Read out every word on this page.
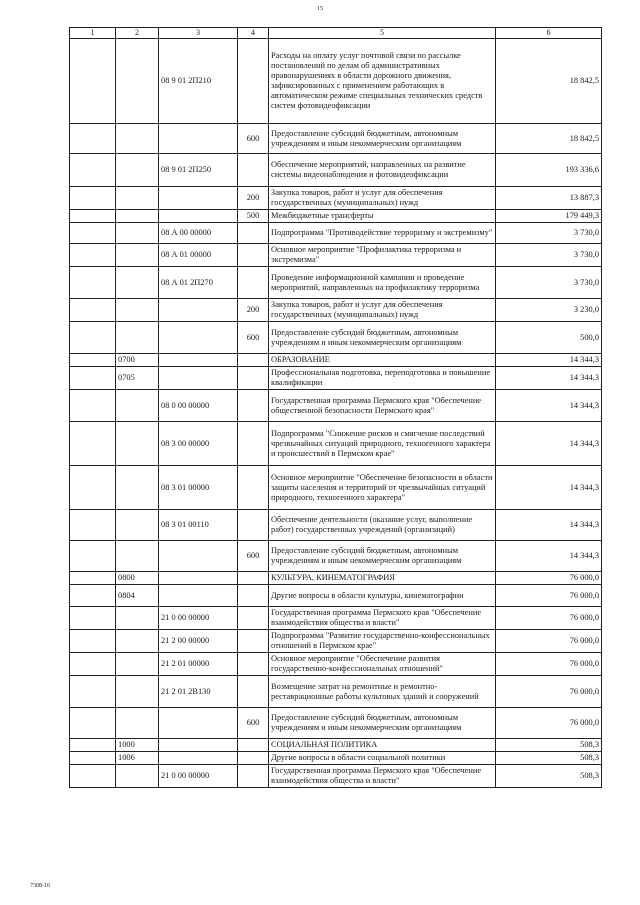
15
1	2	3	4	5	6
		08 9 01 2П210		Расходы на оплату услуг почтовой связи по рассылке постановлений по делам об административных правонарушениях в области дорожного движения, зафиксированных с применением работающих в автоматическом режиме специальных технических средств систем фотовидеофиксации	18 842,5
			600	Предоставление субсидий бюджетным, автономным учреждениям и иным некоммерческим организациям	18 842,5
		08 9 01 2П250		Обеспечение мероприятий, направленных на развитие системы видеонаблюдения и фотовидеофиксации	193 336,6
			200	Закупка товаров, работ и услуг для обеспечения государственных (муниципальных) нужд	13 887,3
			500	Межбюджетные трансферты	179 449,3
		08 А 00 00000		Подпрограмма "Противодействие терроризму и экстремизму"	3 730,0
		08 А 01 00000		Основное мероприятие "Профилактика терроризма и экстремизма"	3 730,0
		08 А 01 2П270		Проведение информационной кампании и проведение мероприятий, направленных на профилактику терроризма	3 730,0
			200	Закупка товаров, работ и услуг для обеспечения государственных (муниципальных) нужд	3 230,0
			600	Предоставление субсидий бюджетным, автономным учреждениям и иным некоммерческим организациям	500,0
	0700			ОБРАЗОВАНИЕ	14 344,3
	0705			Профессиональная подготовка, переподготовка и повышение квалификации	14 344,3
		08 0 00 00000		Государственная программа Пермского края "Обеспечение общественной безопасности Пермского края"	14 344,3
		08 3 00 00000		Подпрограмма "Снижение рисков и смягчение последствий чрезвычайных ситуаций природного, техногенного характера и происшествий в Пермском крае"	14 344,3
		08 3 01 00000		Основное мероприятие "Обеспечение безопасности в области защиты населения и территорий от чрезвычайных ситуаций природного, техногенного характера"	14 344,3
		08 3 01 00110		Обеспечение деятельности (оказание услуг, выполнение работ) государственных учреждений (организаций)	14 344,3
			600	Предоставление субсидий бюджетным, автономным учреждениям и иным некоммерческим организациям	14 344,3
	0800			КУЛЬТУРА, КИНЕМАТОГРАФИЯ	76 000,0
	0804			Другие вопросы в области культуры, кинематографии	76 000,0
		21 0 00 00000		Государственная программа Пермского края "Обеспечение взаимодействия общества и власти"	76 000,0
		21 2 00 00000		Подпрограмма "Развитие государственно-конфессиональных отношений в Пермском крае"	76 000,0
		21 2 01 00000		Основное мероприятие "Обеспечение развития государственно-конфессиональных отношений"	76 000,0
		21 2 01 2В130		Возмещение затрат на ремонтные и ремонтно-реставрационные работы культовых зданий и сооружений	76 000,0
			600	Предоставление субсидий бюджетным, автономным учреждениям и иным некоммерческим организациям	76 000,0
	1000			СОЦИАЛЬНАЯ ПОЛИТИКА	508,3
	1006			Другие вопросы в области социальной политики	508,3
		21 0 00 00000		Государственная программа Пермского края "Обеспечение взаимодействия общества и власти"	508,3
7308-16
